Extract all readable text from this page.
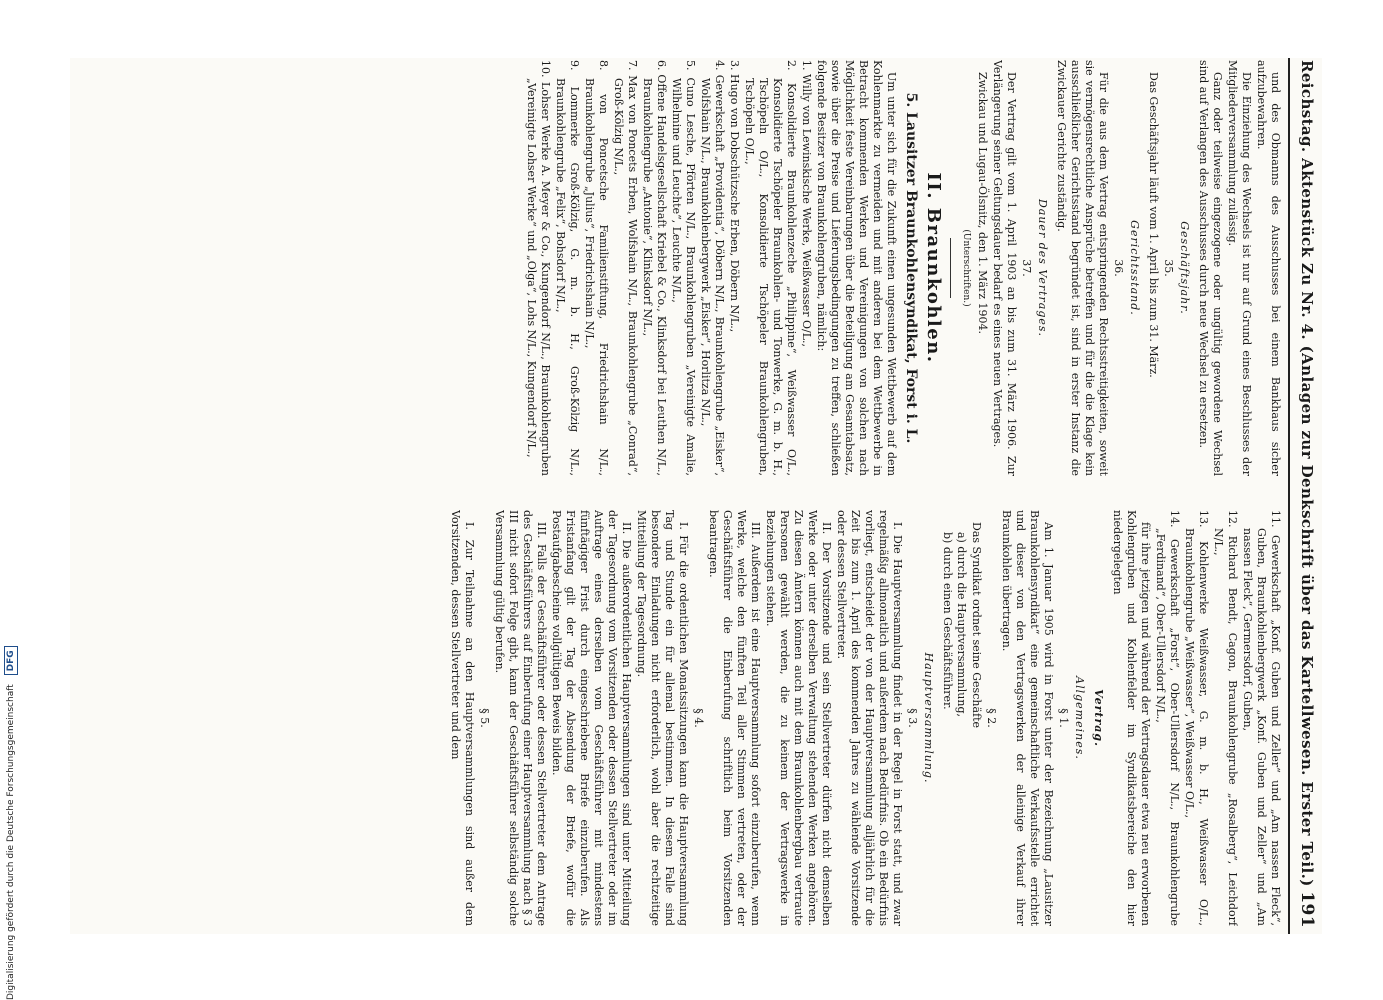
Reichstag. Aktenstück Zu Nr. 4. (Anlagen zur Denkschrift über das Kartellwesen. Erster Teil.)
191

und des Obmanns des Ausschusses bei einem Bankhaus sicher aufzubewahren.

Die Einziehung des Wechsels ist nur auf Grund eines Beschlusses der Mitgliederversammlung zulässig.

Ganz oder teilweise eingezogene oder ungültig gewordene Wechsel sind auf Verlangen des Ausschusses durch neue Wechsel zu ersetzen.

Geschäftsjahr.
35.

Das Geschäftsjahr läuft vom 1. April bis zum 31. März.

Gerichtsstand.
36.

Für die aus dem Vertrag entspringenden Rechtsstreitigkeiten, soweit sie vermögensrechtliche Ansprüche betreffen und für die die Klage kein ausschließlicher Gerichtsstand begründet ist, sind in erster Instanz die Zwickauer Gerichte zuständig.

Dauer des Vertrages.
37.

Der Vertrag gilt vom 1. April 1903 an bis zum 31. März 1906. Zur Verlängerung seiner Geltungsdauer bedarf es eines neuen Vertrages.

Zwickau und Lugau-Ölsnitz, den 1. März 1904.

(Unterschriften.)
II. Braunkohlen.
5. Lausitzer Braunkohlensyndikat, Forst i. L.

Um unter sich für die Zukunft einen ungesunden Wettbewerb auf dem Kohlenmarkte zu vermeiden und mit anderen bei dem Wettbewerbe in Betracht kommenden Werken und Vereinigungen von solchen nach Möglichkeit feste Vereinbarungen über die Beteiligung am Gesamtabsatz, sowie über die Preise und Lieferungsbedingungen zu treffen, schließen folgende Besitzer von Braunkohlengruben, nämlich:

1. Willy von Lewinskische Werke, Weißwasser O/L.,
2. Konsolidierte Braunkohlenzeche „Philippine“, Weißwasser O/L., Konsolidierte Tschöpeler Braunkohlen- und Tonwerke, G. m. b. H., Tschöpeln O/L., Konsolidierte Tschöpeler Braunkohlengruben, Tschöpeln O/L.,
3. Hugo von Dobschützsche Erben, Döbern N/L.,
4. Gewerkschaft „Providentia“, Döbern N/L., Braunkohlengrube „Eisker“, Wolfshain N/L., Braunkohlenbergwerk „Eisker“, Horlitza N/L.,
5. Cuno Lesche, Pförten N/L., Braunkohlengruben „Vereinigte Amalie, Wilhelmine und Leuchte“, Leuchte N/L.,
6. Offene Handelsgesellschaft Kriebel & Co., Klinksdorf bei Leuthen N/L., Braunkohlengrube „Antonie“, Klinksdorf N/L.,
7. Max von Poncets Erben, Wolfshain N/L., Braunkohlengrube „Conrad“, Groß-Kölzig N/L.,
8. von Poncetsche Familienstiftung, Friedrichshain N/L., Braunkohlengrube „Julius“, Friedrichshain N/L.,
9. Lommerke Groß-Kölzig, G. m. b. H., Groß-Kölzig N/L., Braunkohlengrube „Felix“, Bohsdorf N/L.,
10. Lohser Werke A. Meyer & Co., Kungendorf N/L., Braunkohlengruben „Vereinigte Lohser Werke“ und „Olga“, Lohs N/L., Kungendorf N/L.,
11. Gewerkschaft „Konf. Guben und Zeller“ und „Am nassen Fleck“, Guben, Braunkohlenbergwerk „Konf. Guben und Zeller“ und „Am nassen Fleck“, Germersdorf, Guben,
12. Richard Bendt, Cagon, Braunkohlengrube „Rosalberg“, Leichdorf N/L.,
13. Kohlenwerke Weißwasser, G. m. b. H., Weißwasser O/L., Braunkohlengrube „Weißwasser“, Weißwasser O/L.,
14. Gewerkschaft „Forst“, Ober-Ullersdorf N/L., Braunkohlengrube „Ferdinand“, Ober-Ullersdorf N/L.,

für ihre jetzigen und während der Vertragsdauer etwa neu erworbenen Kohlengruben und Kohlenfelder im Syndikatsbereiche den hier niedergelegten

Vertrag.
Allgemeines.
§ 1.

Am 1. Januar 1905 wird in Forst unter der Bezeichnung „Lausitzer Braunkohlensyndikat“ eine gemeinschaftliche Verkaufsstelle errichtet und dieser von den Vertragswerken der alleinige Verkauf ihrer Braunkohlen übertragen.

§ 2.

Das Syndikat ordnet seine Geschäfte

a) durch die Hauptversammlung,
b) durch einen Geschäftsführer.
Hauptversammlung.
§ 3.

I. Die Hauptversammlung findet in der Regel in Forst statt, und zwar regelmäßig allmonatlich und außerdem nach Bedürfnis. Ob ein Bedürfnis vorliegt, entscheidet der von der Hauptversammlung alljährlich für die Zeit bis zum 1. April des kommenden Jahres zu wählende Vorsitzende oder dessen Stellvertreter.

II. Der Vorsitzende und sein Stellvertreter dürfen nicht demselben Werke oder unter derselben Verwaltung stehenden Werken angehören. Zu diesen Ämtern können auch mit dem Braunkohlenbergbau vertraute Personen gewählt werden, die zu keinem der Vertragswerke in Beziehungen stehen.

III. Außerdem ist eine Hauptversammlung sofort einzuberufen, wenn Werke, welche den fünften Teil aller Stimmen vertreten, oder der Geschäftsführer die Einberufung schriftlich beim Vorsitzenden beantragen.

§ 4.

I. Für die ordentlichen Monatssitzungen kann die Hauptversammlung Tag und Stunde ein für allemal bestimmen. In diesem Falle sind besondere Einladungen nicht erforderlich, wohl aber die rechtzeitige Mitteilung der Tagesordnung.

II. Die außerordentlichen Hauptversammlungen sind unter Mitteilung der Tagesordnung vom Vorsitzenden oder dessen Stellvertreter oder im Auftrage eines derselben vom Geschäftsführer mit mindestens fünftägiger Frist durch eingeschriebene Briefe einzuberufen. Als Fristanfang gilt der Tag der Absendung der Briefe, wofür die Postaufgabescheine vollgültigen Beweis bilden.

III. Falls der Geschäftsführer oder dessen Stellvertreter dem Antrage des Geschäftsführers auf Einberufung einer Hauptversammlung nach § 3 III nicht sofort Folge gibt, kann der Geschäftsführer selbständig solche Versammlung gültig berufen.

§ 5.

I. Zur Teilnahme an den Hauptversammlungen sind außer dem Vorsitzenden, dessen Stellvertreter und dem

Digitalisierung gefördert durch die Deutsche Forschungsgemeinschaft DFG
